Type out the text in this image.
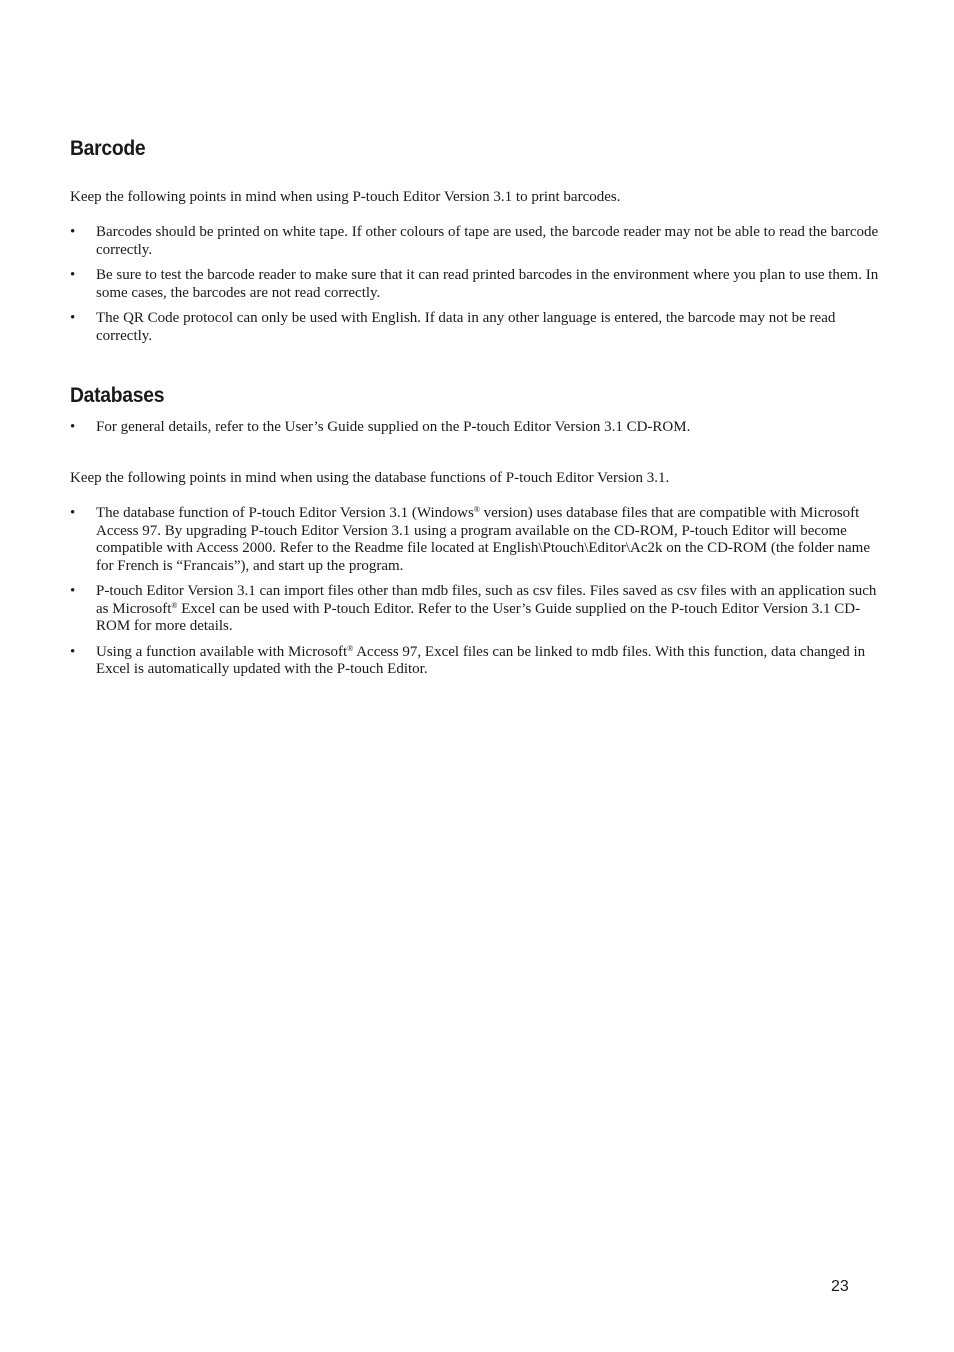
Barcode

Keep the following points in mind when using P-touch Editor Version 3.1 to print barcodes.

• Barcodes should be printed on white tape. If other colours of tape are used, the barcode reader may not be able to read the barcode correctly.
• Be sure to test the barcode reader to make sure that it can read printed barcodes in the environment where you plan to use them. In some cases, the barcodes are not read correctly.
• The QR Code protocol can only be used with English. If data in any other language is entered, the barcode may not be read correctly.
Databases
• For general details, refer to the User’s Guide supplied on the P-touch Editor Version 3.1 CD-ROM.

Keep the following points in mind when using the database functions of P-touch Editor Version 3.1.

• The database function of P-touch Editor Version 3.1 (Windows® version) uses database files that are compatible with Microsoft Access 97. By upgrading P-touch Editor Version 3.1 using a program available on the CD-ROM, P-touch Editor will become compatible with Access 2000. Refer to the Readme file located at English\Ptouch\Editor\Ac2k on the CD-ROM (the folder name for French is “Francais”), and start up the program.
• P-touch Editor Version 3.1 can import files other than mdb files, such as csv files. Files saved as csv files with an application such as Microsoft® Excel can be used with P-touch Editor. Refer to the User’s Guide supplied on the P-touch Editor Version 3.1 CD-ROM for more details.
• Using a function available with Microsoft® Access 97, Excel files can be linked to mdb files. With this function, data changed in Excel is automatically updated with the P-touch Editor.
23
